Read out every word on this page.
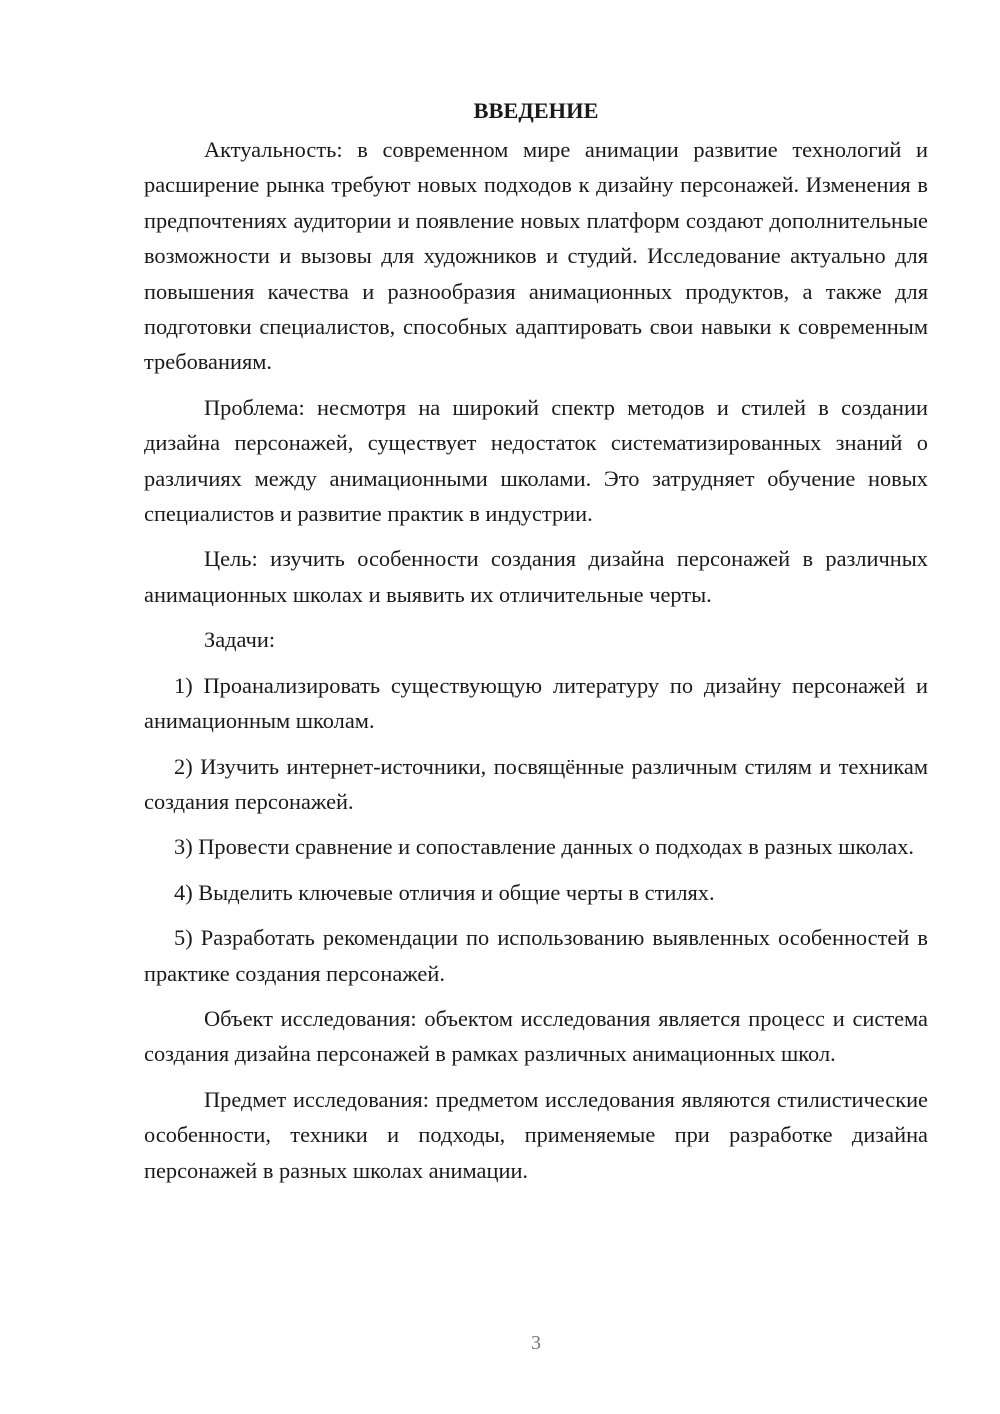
ВВЕДЕНИЕ

Актуальность: в современном мире анимации развитие технологий и расширение рынка требуют новых подходов к дизайну персонажей. Изменения в предпочтениях аудитории и появление новых платформ создают дополнительные возможности и вызовы для художников и студий. Исследование актуально для повышения качества и разнообразия анимационных продуктов, а также для подготовки специалистов, способных адаптировать свои навыки к современным требованиям.

Проблема: несмотря на широкий спектр методов и стилей в создании дизайна персонажей, существует недостаток систематизированных знаний о различиях между анимационными школами. Это затрудняет обучение новых специалистов и развитие практик в индустрии.

Цель: изучить особенности создания дизайна персонажей в различных анимационных школах и выявить их отличительные черты.

Задачи:

1) Проанализировать существующую литературу по дизайну персонажей и анимационным школам.

2) Изучить интернет-источники, посвящённые различным стилям и техникам создания персонажей.

3) Провести сравнение и сопоставление данных о подходах в разных школах.

4) Выделить ключевые отличия и общие черты в стилях.

5) Разработать рекомендации по использованию выявленных особенностей в практике создания персонажей.

Объект исследования: объектом исследования является процесс и система создания дизайна персонажей в рамках различных анимационных школ.

Предмет исследования: предметом исследования являются стилистические особенности, техники и подходы, применяемые при разработке дизайна персонажей в разных школах анимации.

3
